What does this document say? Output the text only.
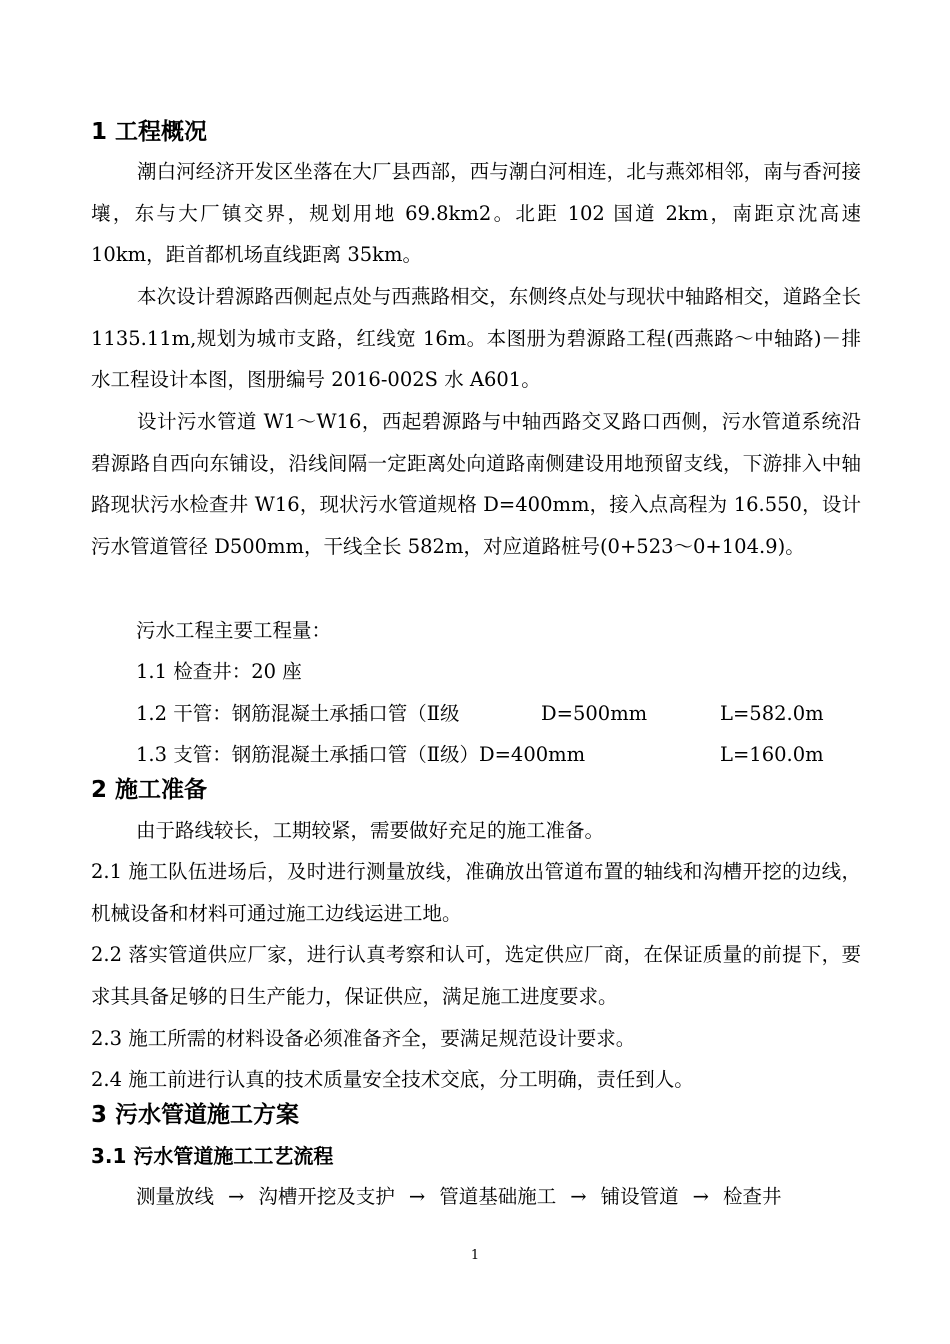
1 工程概况
潮白河经济开发区坐落在大厂县西部，西与潮白河相连，北与燕郊相邻，南与香河接壤，东与大厂镇交界，规划用地 69.8km2。北距 102 国道 2km，南距京沈高速 10km，距首都机场直线距离 35km。
本次设计碧源路西侧起点处与西燕路相交，东侧终点处与现状中轴路相交，道路全长 1135.11m,规划为城市支路，红线宽 16m。本图册为碧源路工程(西燕路～中轴路)－排水工程设计本图，图册编号 2016-002S 水 A601。
设计污水管道 W1～W16，西起碧源路与中轴西路交叉路口西侧，污水管道系统沿碧源路自西向东铺设，沿线间隔一定距离处向道路南侧建设用地预留支线，下游排入中轴路现状污水检查井 W16，现状污水管道规格 D=400mm，接入点高程为 16.550，设计污水管道管径 D500mm，干线全长 582m，对应道路桩号(0+523～0+104.9)。
污水工程主要工程量：
1.1 检查井：20 座
1.2 干管：钢筋混凝土承插口管（Ⅱ级	D=500mm	L=582.0m
1.3 支管：钢筋混凝土承插口管（Ⅱ级）D=400mm	L=160.0m
2 施工准备
由于路线较长，工期较紧，需要做好充足的施工准备。
2.1 施工队伍进场后，及时进行测量放线，准确放出管道布置的轴线和沟槽开挖的边线，机械设备和材料可通过施工边线运进工地。
2.2 落实管道供应厂家，进行认真考察和认可，选定供应厂商，在保证质量的前提下，要求其具备足够的日生产能力，保证供应，满足施工进度要求。
2.3 施工所需的材料设备必须准备齐全，要满足规范设计要求。
2.4 施工前进行认真的技术质量安全技术交底，分工明确，责任到人。
3 污水管道施工方案
3.1 污水管道施工工艺流程
测量放线 → 沟槽开挖及支护 → 管道基础施工 → 铺设管道 → 检查井
1
